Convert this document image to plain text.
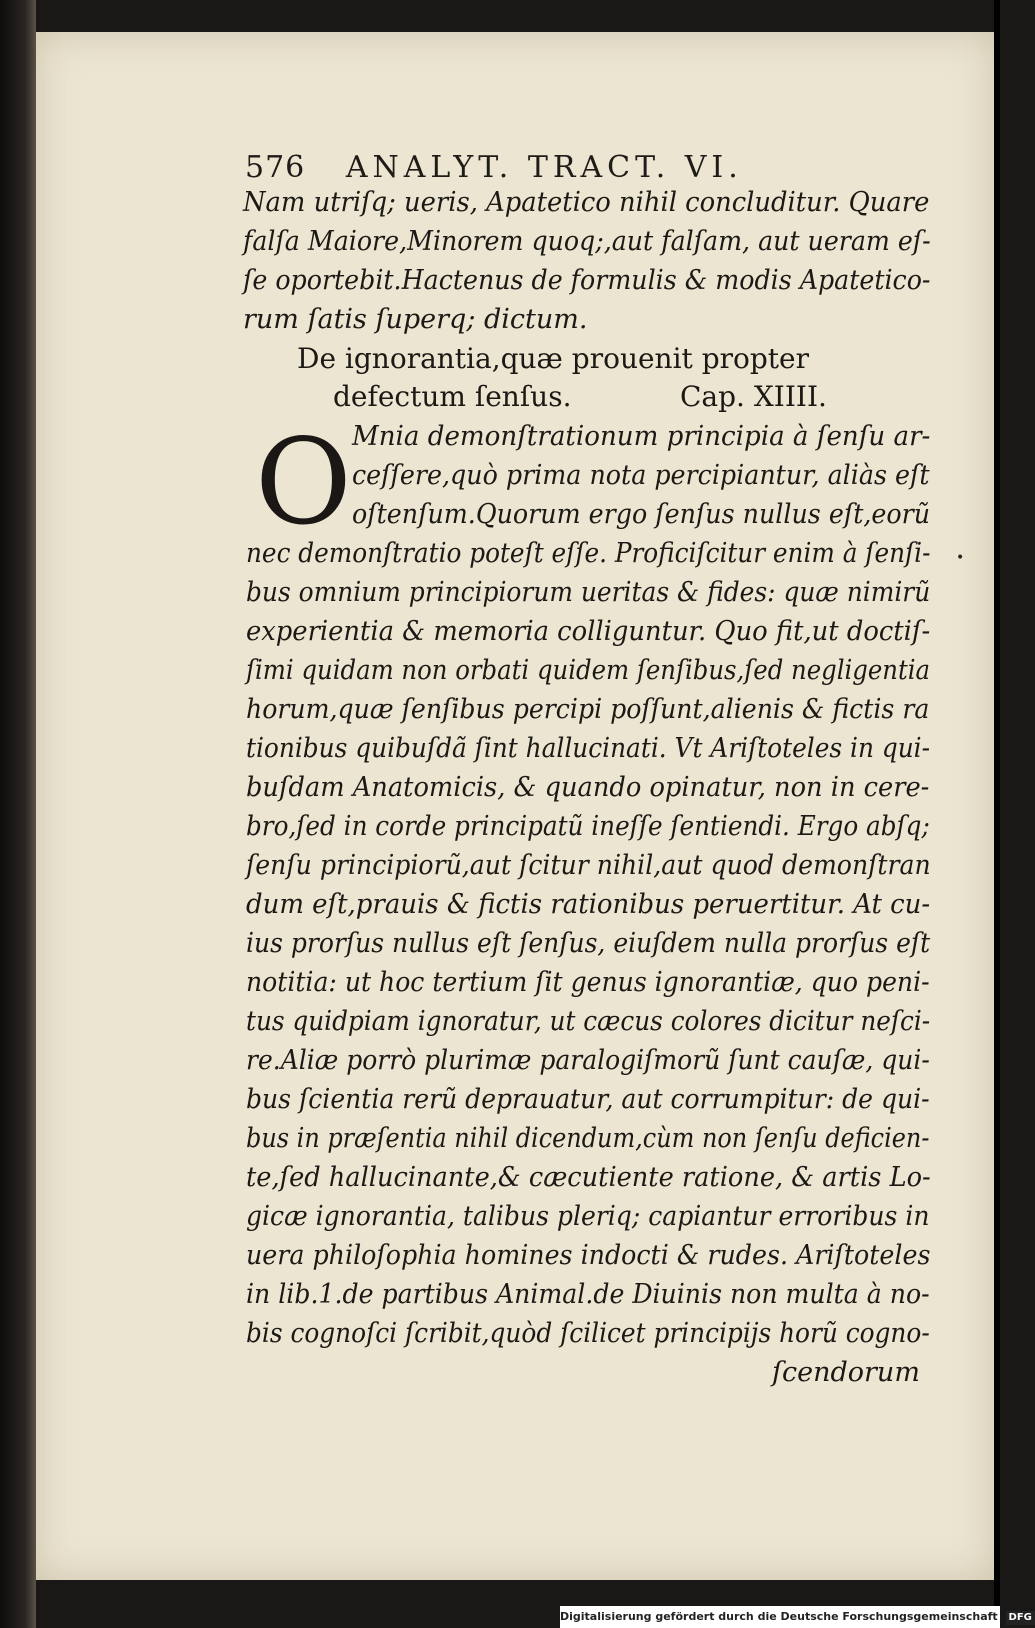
576 ANALYT. TRACT. VI.
Nam utriſq; ueris, Apatetico nihil concluditur. Quare
falſa Maiore,Minorem quoq;,aut falſam, aut ueram eſ-
ſe oportebit.Hactenus de formulis & modis Apatetico-
rum ſatis ſuperq; dictum.
De ignorantia,quæ prouenit propter
defectum ſenſus.	Cap. XIIII.
O Mnia demonſtrationum principia à ſenſu ar-
ceſſere,quò prima nota percipiantur, aliàs eſt
oſtenſum.Quorum ergo ſenſus nullus eſt,eorũ
nec demonſtratio poteſt eſſe. Proficiſcitur enim à ſenſi-
bus omnium principiorum ueritas & fides: quæ nimirũ
experientia & memoria colliguntur. Quo fit,ut doctiſ-
ſimi quidam non orbati quidem ſenſibus,ſed negligentia
horum,quæ ſenſibus percipi poſſunt,alienis & fictis ra
tionibus quibuſdã ſint hallucinati. Vt Ariſtoteles in qui-
buſdam Anatomicis, & quando opinatur, non in cere-
bro,ſed in corde principatũ ineſſe ſentiendi. Ergo abſq;
ſenſu principiorũ,aut ſcitur nihil,aut quod demonſtran
dum eſt,prauis & fictis rationibus peruertitur. At cu-
ius prorſus nullus eſt ſenſus, eiuſdem nulla prorſus eſt
notitia: ut hoc tertium ſit genus ignorantiæ, quo peni-
tus quidpiam ignoratur, ut cæcus colores dicitur neſci-
re.Aliæ porrò plurimæ paralogiſmorũ ſunt cauſæ, qui-
bus ſcientia rerũ deprauatur, aut corrumpitur: de qui-
bus in præſentia nihil dicendum,cùm non ſenſu deficien-
te,ſed hallucinante,& cæcutiente ratione, & artis Lo-
gicæ ignorantia, talibus pleriq; capiantur erroribus in
uera philoſophia homines indocti & rudes. Ariſtoteles
in lib.1.de partibus Animal.de Diuinis non multa à no-
bis cognoſci ſcribit,quòd ſcilicet principijs horũ cogno-
ſcendorum
•
Digitalisierung gefördert durch die Deutsche Forschungsgemeinschaft DFG
